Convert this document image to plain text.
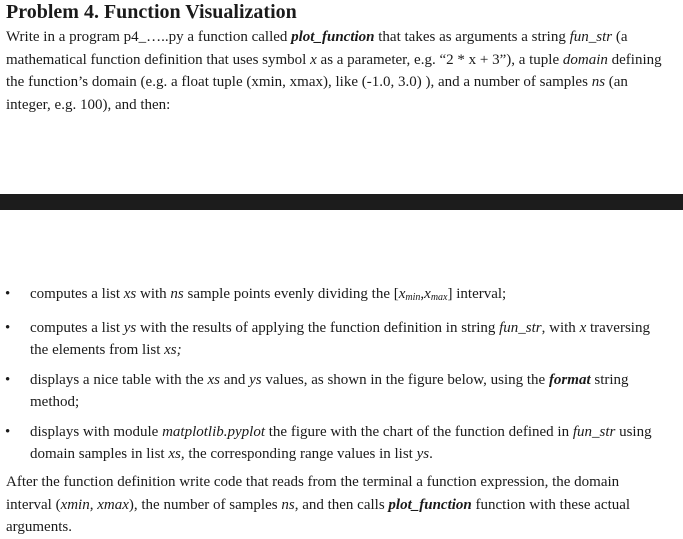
Problem 4. Function Visualization

Write in a program p4_…..py a function called plot_function that takes as arguments a string fun_str (a mathematical function definition that uses symbol x as a parameter, e.g. “2 * x + 3”), a tuple domain defining the function’s domain (e.g. a float tuple (xmin, xmax), like (-1.0, 3.0) ), and a number of samples ns (an integer, e.g. 100), and then:

• computes a list xs with ns sample points evenly dividing the $[x_{min},x_{max}]$ interval;
• computes a list ys with the results of applying the function definition in string fun_str, with x traversing the elements from list xs;
• displays a nice table with the xs and ys values, as shown in the figure below, using the format string method;
• displays with module matplotlib.pyplot the figure with the chart of the function defined in fun_str using domain samples in list xs, the corresponding range values in list ys.

After the function definition write code that reads from the terminal a function expression, the domain interval (xmin, xmax), the number of samples ns, and then calls plot_function function with these actual arguments.
